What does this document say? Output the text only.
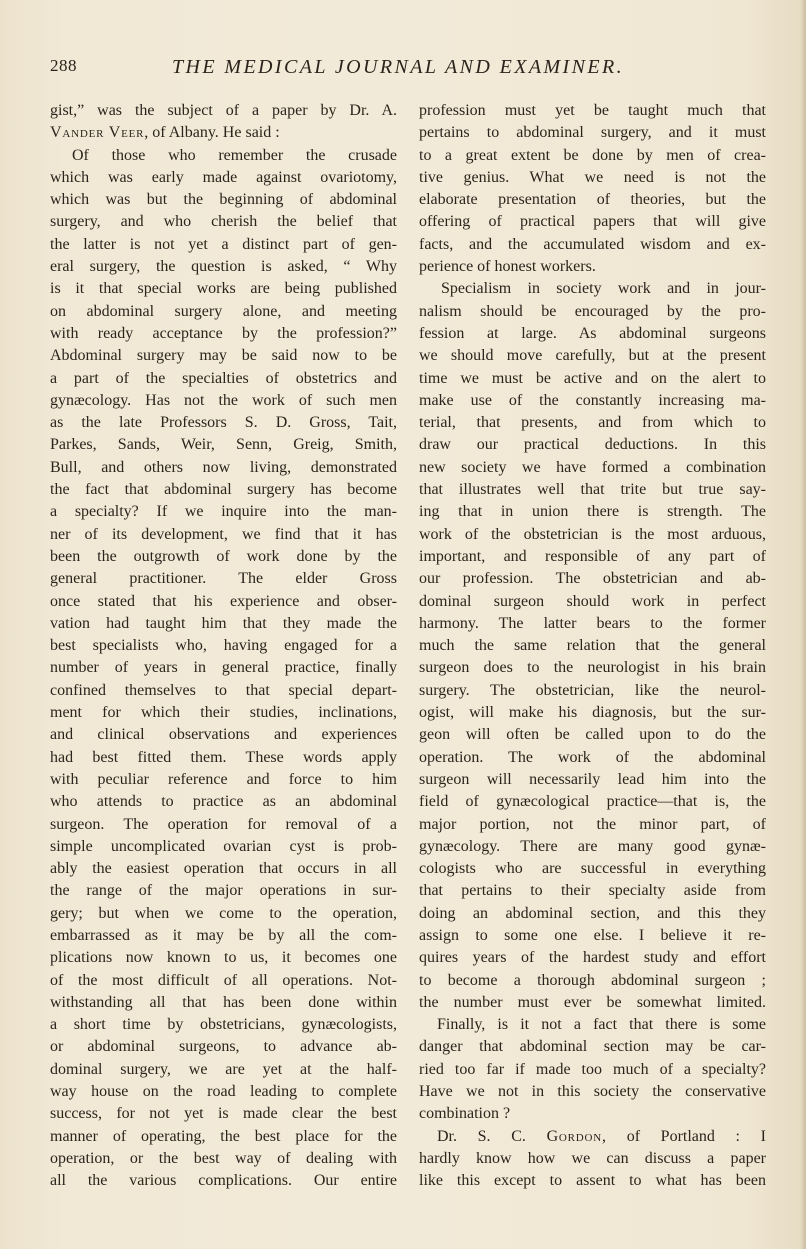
288	THE MEDICAL JOURNAL AND EXAMINER.
gist,” was the subject of a paper by Dr. A.
Vander Veer, of Albany. He said :
Of those who remember the crusade
which was early made against ovariotomy,
which was but the beginning of abdominal
surgery, and who cherish the belief that
the latter is not yet a distinct part of gen-
eral surgery, the question is asked, “ Why
is it that special works are being published
on abdominal surgery alone, and meeting
with ready acceptance by the profession?”
Abdominal surgery may be said now to be
a part of the specialties of obstetrics and
gynæcology. Has not the work of such men
as the late Professors S. D. Gross, Tait,
Parkes, Sands, Weir, Senn, Greig, Smith,
Bull, and others now living, demonstrated
the fact that abdominal surgery has become
a specialty? If we inquire into the man-
ner of its development, we find that it has
been the outgrowth of work done by the
general practitioner. The elder Gross
once stated that his experience and obser-
vation had taught him that they made the
best specialists who, having engaged for a
number of years in general practice, finally
confined themselves to that special depart-
ment for which their studies, inclinations,
and clinical observations and experiences
had best fitted them. These words apply
with peculiar reference and force to him
who attends to practice as an abdominal
surgeon. The operation for removal of a
simple uncomplicated ovarian cyst is prob-
ably the easiest operation that occurs in all
the range of the major operations in sur-
gery; but when we come to the operation,
embarrassed as it may be by all the com-
plications now known to us, it becomes one
of the most difficult of all operations. Not-
withstanding all that has been done within
a short time by obstetricians, gynæcologists,
or abdominal surgeons, to advance ab-
dominal surgery, we are yet at the half-
way house on the road leading to complete
success, for not yet is made clear the best
manner of operating, the best place for the
operation, or the best way of dealing with
all the various complications. Our entire
profession must yet be taught much that
pertains to abdominal surgery, and it must
to a great extent be done by men of crea-
tive genius. What we need is not the
elaborate presentation of theories, but the
offering of practical papers that will give
facts, and the accumulated wisdom and ex-
perience of honest workers.
Specialism in society work and in jour-
nalism should be encouraged by the pro-
fession at large. As abdominal surgeons
we should move carefully, but at the present
time we must be active and on the alert to
make use of the constantly increasing ma-
terial, that presents, and from which to
draw our practical deductions. In this
new society we have formed a combination
that illustrates well that trite but true say-
ing that in union there is strength. The
work of the obstetrician is the most arduous,
important, and responsible of any part of
our profession. The obstetrician and ab-
dominal surgeon should work in perfect
harmony. The latter bears to the former
much the same relation that the general
surgeon does to the neurologist in his brain
surgery. The obstetrician, like the neurol-
ogist, will make his diagnosis, but the sur-
geon will often be called upon to do the
operation. The work of the abdominal
surgeon will necessarily lead him into the
field of gynæcological practice—that is, the
major portion, not the minor part, of
gynæcology. There are many good gynæ-
cologists who are successful in everything
that pertains to their specialty aside from
doing an abdominal section, and this they
assign to some one else. I believe it re-
quires years of the hardest study and effort
to become a thorough abdominal surgeon ;
the number must ever be somewhat limited.
Finally, is it not a fact that there is some
danger that abdominal section may be car-
ried too far if made too much of a specialty?
Have we not in this society the conservative
combination ?
Dr. S. C. Gordon, of Portland : I
hardly know how we can discuss a paper
like this except to assent to what has been
